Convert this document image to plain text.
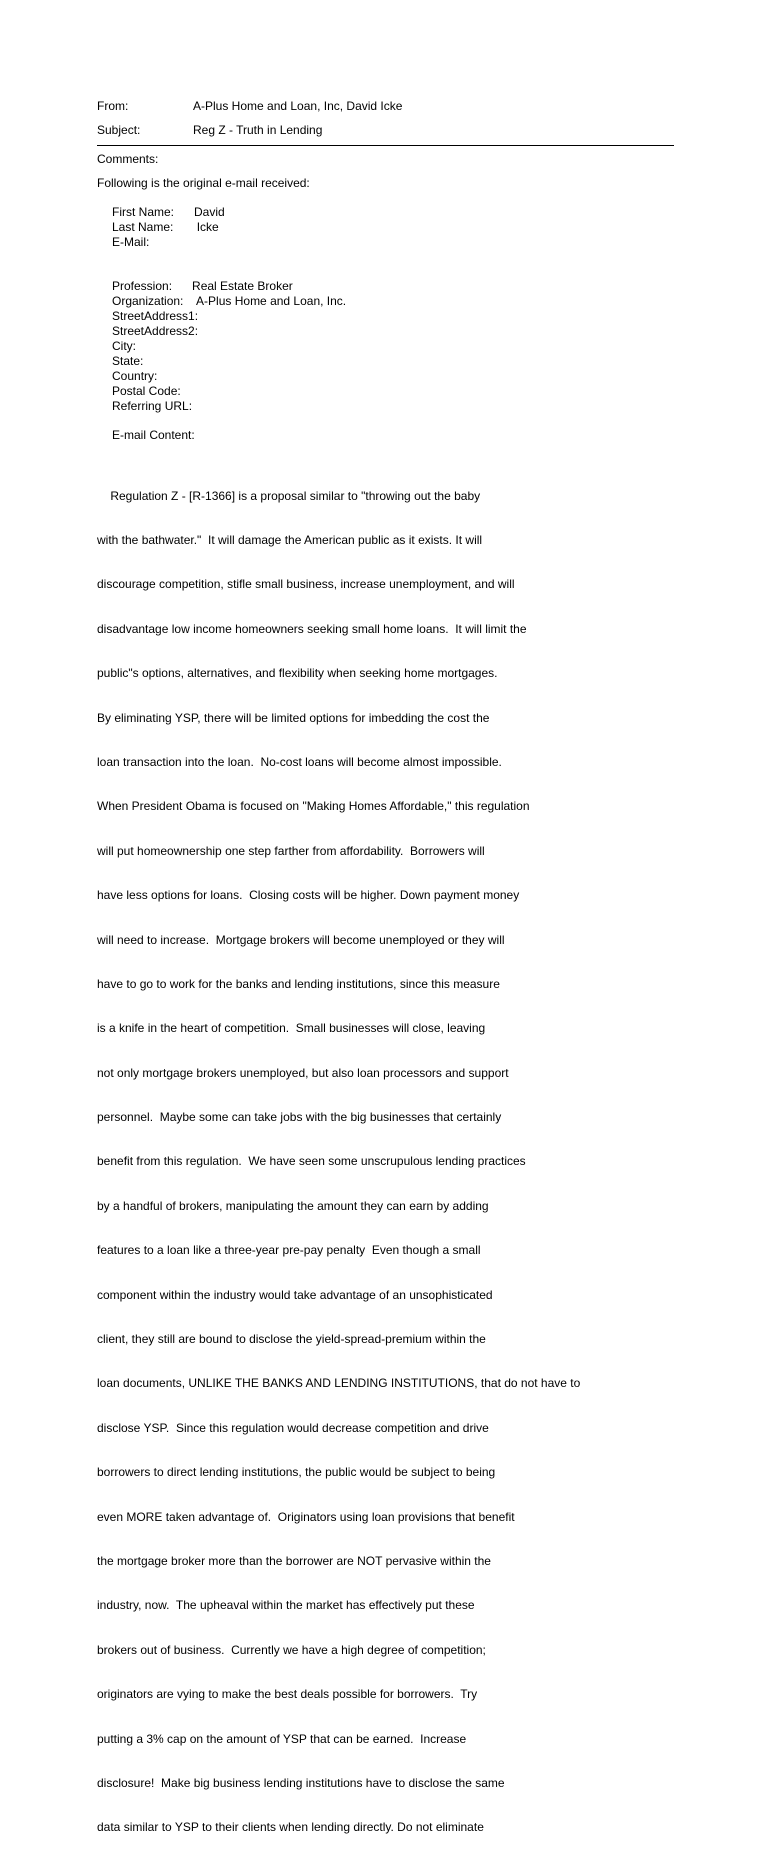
From:	A-Plus Home and Loan, Inc, David Icke
Subject:	Reg Z - Truth in Lending
Comments:
Following is the original e-mail received:
First Name:      David
Last Name:       Icke
E-Mail:
Profession:      Real Estate Broker
Organization:    A-Plus Home and Loan, Inc.
StreetAddress1:
StreetAddress2:
City:
State:
Country:
Postal Code:
Referring URL:
E-mail Content:

Regulation Z - [R-1366] is a proposal similar to "throwing out the baby

with the bathwater."  It will damage the American public as it exists. It will

discourage competition, stifle small business, increase unemployment, and will

disadvantage low income homeowners seeking small home loans.  It will limit the

public"s options, alternatives, and flexibility when seeking home mortgages.

By eliminating YSP, there will be limited options for imbedding the cost the

loan transaction into the loan.  No-cost loans will become almost impossible.

When President Obama is focused on "Making Homes Affordable," this regulation

will put homeownership one step farther from affordability.  Borrowers will

have less options for loans.  Closing costs will be higher. Down payment money

will need to increase.  Mortgage brokers will become unemployed or they will

have to go to work for the banks and lending institutions, since this measure

is a knife in the heart of competition.  Small businesses will close, leaving

not only mortgage brokers unemployed, but also loan processors and support

personnel.  Maybe some can take jobs with the big businesses that certainly

benefit from this regulation.  We have seen some unscrupulous lending practices

by a handful of brokers, manipulating the amount they can earn by adding

features to a loan like a three-year pre-pay penalty  Even though a small

component within the industry would take advantage of an unsophisticated

client, they still are bound to disclose the yield-spread-premium within the

loan documents, UNLIKE THE BANKS AND LENDING INSTITUTIONS, that do not have to

disclose YSP.  Since this regulation would decrease competition and drive

borrowers to direct lending institutions, the public would be subject to being

even MORE taken advantage of.  Originators using loan provisions that benefit

the mortgage broker more than the borrower are NOT pervasive within the

industry, now.  The upheaval within the market has effectively put these

brokers out of business.  Currently we have a high degree of competition;

originators are vying to make the best deals possible for borrowers.  Try

putting a 3% cap on the amount of YSP that can be earned.  Increase

disclosure!  Make big business lending institutions have to disclose the same

data similar to YSP to their clients when lending directly. Do not eliminate
